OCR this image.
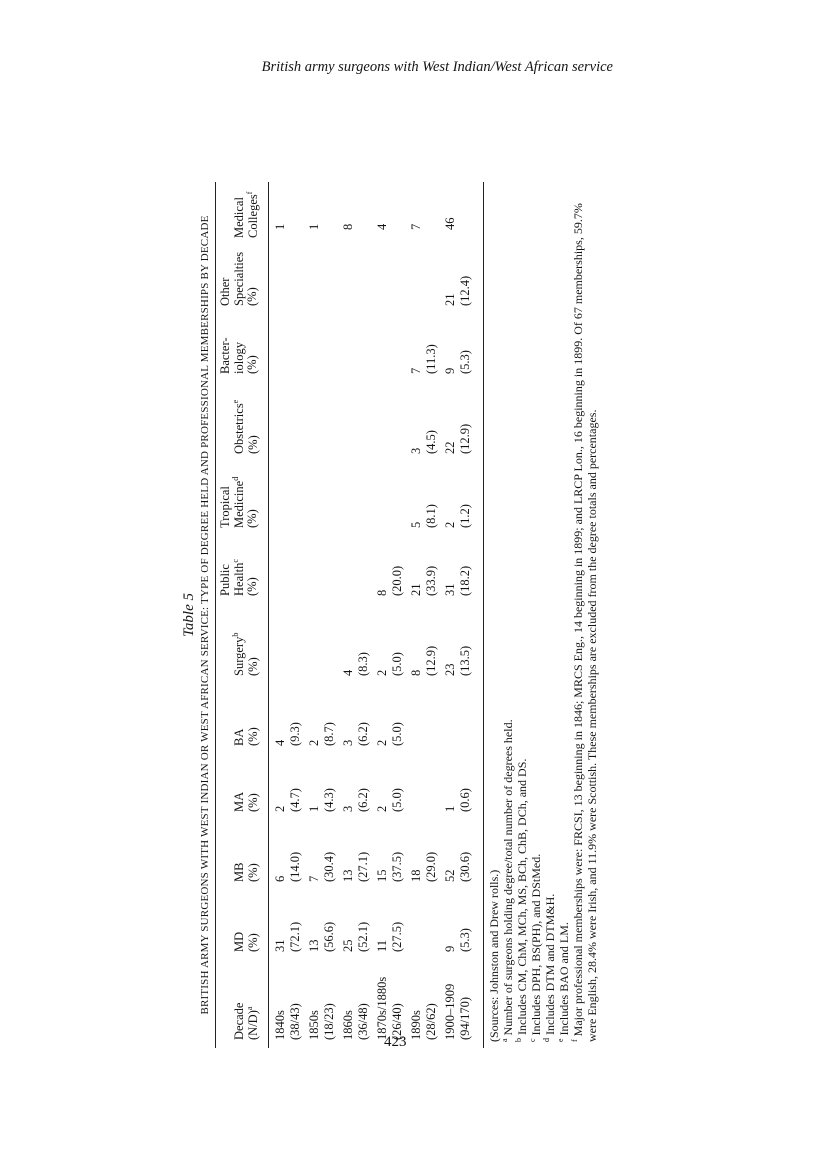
British army surgeons with West Indian/West African service
423
Table 5 BRITISH ARMY SURGEONS WITH WEST INDIAN OR WEST AFRICAN SERVICE: TYPE OF DEGREE HELD AND PROFESSIONAL MEMBERSHIPS BY DECADE
Decade (N/D)$^a$
MD (%)
MB (%)
MA (%)
BA (%)
Surgery$^b$
(%)
Public Health$^c$
(%)
Tropical Medicine$^d$
(%)
Obstetrics$^e$
(%)
Bacter- iology (%)
Other Specialties (%)
Medical Colleges$^f$
1840s (38/43)
31 (72.1)
6 (14.0)
2 (4.7)
4 (9.3)
1
1850s (18/23)
13 (56.6)
7 (30.4)
1 (4.3)
2 (8.7)
1
1860s (36/48)
25 (52.1)
13 (27.1)
3 (6.2)
3 (6.2)
4 (8.3)
8
1870s/1880s (26/40)
11 (27.5)
15 (37.5)
2 (5.0)
2 (5.0)
2 (5.0)
8 (20.0)
4
1890s (28/62)
18 (29.0)
8 (12.9)
21 (33.9)
5 (8.1)
3 (4.5)
7 (11.3)
7
1900–1909 (94/170)
9 (5.3)
52 (30.6)
1 (0.6)
23 (13.5)
31 (18.2)
2 (1.2)
22 (12.9)
9 (5.3)
21 (12.4)
46
(Sources: Johnston and Drew rolls.) $^a$ Number of surgeons holding degree/total number of degrees held.
$^b$ Includes CM, ChM, MCh, MS, BCh, ChB, DCh, and DS.
$^c$ Includes DPH, BS(PH), and DStMed.
$^d$ Includes DTM and DTM&H.
$^e$ Includes BAO and LM.
$^f$ Major professional memberships were: FRCSI, 13 beginning in 1846; MRCS Eng., 14 beginning in 1899; and LRCP Lon., 16 beginning in 1899. Of 67 memberships, 59.7% were English, 28.4% were Irish, and 11.9% were Scottish. These memberships are excluded from the degree totals and percentages.
